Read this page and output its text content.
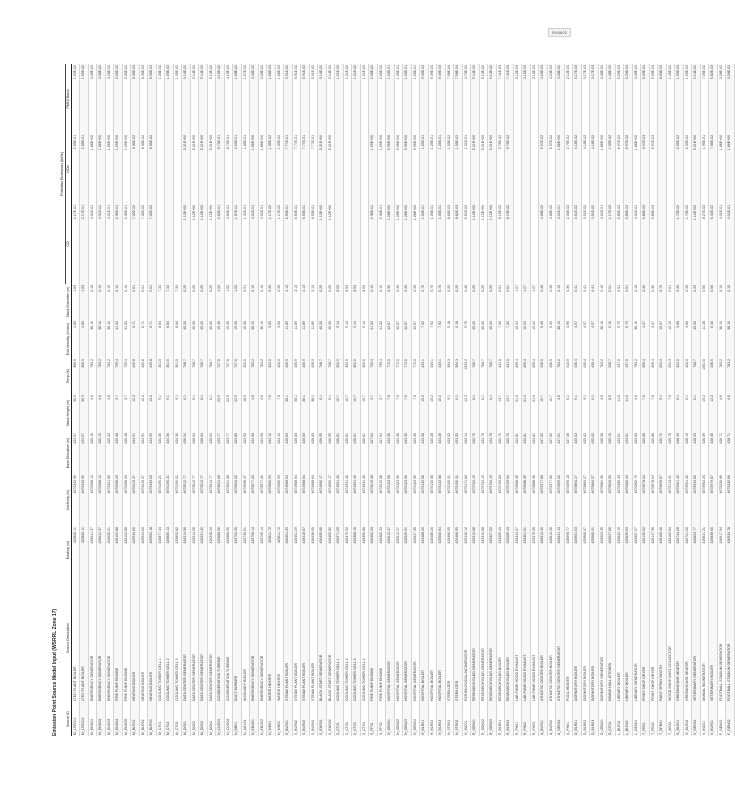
R08802
Emission Point Source Model Input (WSRRL Zone 17)
									Potential Emissions (lb/hr)		
Source ID	Source Description	Easting (m)	Northing (m)	Base Elevation (m)	Stack Height (m)	Temp (K)	Exit Velocity (m/sec)	Stack Diameter (m)	CO	NOx	PM10 Basis
M_LTEC01	LTEC PLANT BOILER	425820.11	4675342.90	424.57	30.5	366.5	4.80	1.83	2.17E-01	2.58E-01	1.92E-02
M_LTEC02	LTEC PLANT BOILER	425820.11	4675342.90	424.57	30.5	366.5	4.80	1.83	2.17E-01	2.58E-01	1.92E-02
M_ENG01	EMERGENCY GENERATOR	426041.37	4675288.12	425.10	4.6	783.2	38.10	0.15	4.01E-01	1.86E+00	3.28E-02
M_ENG02	EMERGENCY GENERATOR	426041.37	4675288.12	425.10	4.6	783.2	38.10	0.15	4.01E-01	1.86E+00	3.28E-02
M_ENG03	EMERGENCY GENERATOR	426058.21	4675301.66	425.22	4.6	783.2	38.10	0.15	4.01E-01	1.86E+00	3.28E-02
M_ENG04	FIRE PUMP ENGINE	426102.88	4675266.43	425.48	3.7	755.4	41.52	0.10	2.36E-01	1.09E+00	2.05E-02
M_ENG05	FIRE PUMP ENGINE	426102.88	4675266.43	425.48	3.7	755.4	41.52	0.10	2.36E-01	1.09E+00	2.05E-02
M_BLR01	HEATING BOILER	425944.60	4675415.37	424.91	12.2	449.8	6.71	0.61	7.02E-02	8.36E-02	6.35E-03
M_BLR02	HEATING BOILER	425944.60	4675415.37	424.91	12.2	449.8	6.71	0.61	7.02E-02	8.36E-02	6.35E-03
M_BLR03	HEATING BOILER	425962.18	4675433.05	424.95	12.2	449.8	6.71	0.61	7.02E-02	8.36E-02	6.35E-03
M_CT01	COOLING TOWER CELL 1	425877.44	4675190.21	424.30	9.1	301.5	8.84	7.32			1.05E-02
M_CT02	COOLING TOWER CELL 2	425885.13	4675190.21	424.30	9.1	301.5	8.84	7.32			1.05E-02
M_CT03	COOLING TOWER CELL 3	425892.82	4675190.21	424.30	9.1	301.5	8.84	7.32			1.05E-02
M_DG01	DATA CENTER GENERATOR	426214.56	4675512.77	426.04	6.1	768.7	45.20	0.25	1.12E+00	5.21E+00	9.14E-02
M_DG02	DATA CENTER GENERATOR	426214.56	4675512.77	426.04	6.1	768.7	45.20	0.25	1.12E+00	5.21E+00	9.14E-02
M_DG03	DATA CENTER GENERATOR	426231.40	4675512.77	426.04	6.1	768.7	45.20	0.25	1.12E+00	5.21E+00	9.14E-02
M_DG04	DATA CENTER GENERATOR	426248.24	4675512.77	426.04	6.1	768.7	45.20	0.25	1.12E+00	5.21E+00	9.14E-02
N_COG01	COGENERATION TURBINE	425688.90	4675621.08	423.77	22.9	727.6	19.45	1.52	3.64E-01	8.73E-01	4.15E-02
N_COG02	COGENERATION TURBINE	425688.90	4675621.08	423.77	22.9	727.6	19.45	1.52	3.64E-01	8.73E-01	4.15E-02
N_DB01	DUCT BURNER	425702.35	4675634.52	423.80	22.9	727.6	19.45	1.52	1.87E-01	2.24E-01	1.68E-02
N_AUX01	AUXILIARY BOILER	425735.61	4675598.47	423.92	18.3	422.0	10.36	0.91	1.41E-01	1.68E-01	1.27E-02
N_ENG01	EMERGENCY GENERATOR	425790.14	4675577.20	424.06	4.6	783.2	38.10	0.15	4.01E-01	1.86E+00	3.28E-02
N_ENG02	EMERGENCY GENERATOR	425790.14	4675577.20	424.06	4.6	783.2	38.10	0.15	4.01E-01	1.86E+00	3.28E-02
N_WH01	WATER HEATER	425811.72	4675560.93	424.12	7.6	422.0	3.05	0.30	1.17E-02	1.39E-02	1.06E-03
N_WH02	WATER HEATER	425811.72	4675560.93	424.12	7.6	422.0	3.05	0.30	1.17E-02	1.39E-02	1.06E-03
S_BLR01	STEAM PLANT BOILER	426401.29	4674988.64	426.83	38.1	435.9	11.89	2.13	6.53E-01	7.77E-01	5.91E-02
S_BLR02	STEAM PLANT BOILER	426401.29	4674988.64	426.83	38.1	435.9	11.89	2.13	6.53E-01	7.77E-01	5.91E-02
S_BLR03	STEAM PLANT BOILER	426418.67	4674988.64	426.83	38.1	435.9	11.89	2.13	6.53E-01	7.77E-01	5.91E-02
S_BLR04	STEAM PLANT BOILER	426436.05	4674988.64	426.83	38.1	435.9	11.89	2.13	6.53E-01	7.77E-01	5.91E-02
S_ENG01	BLACK START GENERATOR	426455.80	4674960.17	426.95	6.1	768.7	45.20	0.25	1.12E+00	5.21E+00	9.14E-02
S_ENG02	BLACK START GENERATOR	426455.80	4674960.17	426.95	6.1	768.7	45.20	0.25	1.12E+00	5.21E+00	9.14E-02
S_CT01	COOLING TOWER CELL 1	426371.09	4674921.40	426.61	10.7	302.0	9.14	8.53			1.21E-02
S_CT02	COOLING TOWER CELL 2	426379.62	4674921.40	426.61	10.7	302.0	9.14	8.53			1.21E-02
S_CT03	COOLING TOWER CELL 3	426388.15	4674921.40	426.61	10.7	302.0	9.14	8.53			1.21E-02
S_CT04	COOLING TOWER CELL 4	426396.68	4674921.40	426.61	10.7	302.0	9.14	8.53			1.21E-02
S_FP01	FIRE PUMP ENGINE	426482.33	4675015.28	427.04	3.7	755.4	41.52	0.10	2.36E-01	1.09E+00	2.05E-02
S_FP02	FIRE PUMP ENGINE	426482.33	4675015.28	427.04	3.7	755.4	41.52	0.10	2.36E-01	1.09E+00	2.05E-02
H_GEN01	HOSPITAL GENERATOR	425512.47	4675103.96	423.35	7.6	772.0	42.67	0.30	1.28E+00	5.96E+00	1.05E-01
H_GEN02	HOSPITAL GENERATOR	425512.47	4675103.96	423.35	7.6	772.0	42.67	0.30	1.28E+00	5.96E+00	1.05E-01
H_GEN03	HOSPITAL GENERATOR	425529.91	4675103.96	423.35	7.6	772.0	42.67	0.30	1.28E+00	5.96E+00	1.05E-01
H_GEN04	HOSPITAL GENERATOR	425547.35	4675103.96	423.35	7.6	772.0	42.67	0.30	1.28E+00	5.96E+00	1.05E-01
H_BLR01	HOSPITAL BOILER	425488.20	4675132.58	423.28	15.2	433.1	7.92	0.76	1.05E-01	1.25E-01	9.49E-03
H_BLR02	HOSPITAL BOILER	425488.20	4675132.58	423.28	15.2	433.1	7.92	0.76	1.05E-01	1.25E-01	9.49E-03
H_BLR03	HOSPITAL BOILER	425505.64	4675132.58	423.28	15.2	433.1	7.92	0.76	1.05E-01	1.25E-01	9.49E-03
H_STR01	STERILIZER	425466.95	4675150.31	423.22	9.1	394.3	5.18	0.20	8.82E-03	1.05E-02	7.98E-04
H_STR02	STERILIZER	425466.95	4675150.31	423.22	9.1	394.3	5.18	0.20	8.82E-03	1.05E-02	7.98E-04
H_INC01	PATHOLOGICAL INCINERATOR	425440.12	4675171.84	423.14	12.2	1033.2	9.75	0.46	5.51E-02	1.31E-01	4.70E-02
R_GEN01	RESEARCH BLDG GENERATOR	425310.68	4675702.19	422.76	6.1	768.7	45.20	0.25	1.12E+00	5.21E+00	9.14E-02
R_GEN02	RESEARCH BLDG GENERATOR	425310.68	4675702.19	422.76	6.1	768.7	45.20	0.25	1.12E+00	5.21E+00	9.14E-02
R_GEN03	RESEARCH BLDG GENERATOR	425327.52	4675702.19	422.76	6.1	768.7	45.20	0.25	1.12E+00	5.21E+00	9.14E-02
R_BLR01	RESEARCH BLDG BOILER	425289.43	4675725.84	422.70	13.7	441.5	7.32	0.61	8.19E-02	9.75E-02	7.41E-03
R_BLR02	RESEARCH BLDG BOILER	425289.43	4675725.84	422.70	13.7	441.5	7.32	0.61	8.19E-02	9.75E-02	7.41E-03
R_FH01	LAB FUME HOOD EXHAUST	425344.07	4675688.35	422.81	21.3	295.4	15.24	1.07			3.12E-03
R_FH02	LAB FUME HOOD EXHAUST	425361.51	4675688.35	422.81	21.3	295.4	15.24	1.07			3.12E-03
R_FH03	LAB FUME HOOD EXHAUST	425378.95	4675688.35	422.81	21.3	295.4	15.24	1.07			3.12E-03
A_BLR01	ATHLETIC CENTER BOILER	426612.40	4675377.66	427.52	10.7	436.5	5.49	0.46	4.68E-02	5.57E-02	4.23E-03
A_BLR02	ATHLETIC CENTER BOILER	426612.40	4675377.66	427.52	10.7	436.5	5.49	0.46	4.68E-02	5.57E-02	4.23E-03
A_GEN01	ATHLETIC CENTER GENERATOR	426641.13	4675359.02	427.61	4.6	783.2	38.10	0.15	4.01E-01	1.86E+00	3.28E-02
A_PH01	POOL HEATER	426598.77	4675395.18	427.48	6.1	410.9	3.96	0.36	2.34E-02	2.79E-02	2.12E-03
D_BLR01	DORMITORY BOILER	425951.03	4675864.27	425.02	9.1	430.4	4.57	0.41	3.51E-02	4.18E-02	3.17E-03
D_BLR02	DORMITORY BOILER	425968.47	4675864.27	425.02	9.1	430.4	4.57	0.41	3.51E-02	4.18E-02	3.17E-03
D_BLR03	DORMITORY BOILER	425985.91	4675864.27	425.02	9.1	430.4	4.57	0.41	3.51E-02	4.18E-02	3.17E-03
D_GEN01	DORMITORY GENERATOR	426003.35	4675881.90	425.08	4.6	783.2	38.10	0.15	4.01E-01	1.86E+00	3.28E-02
D_KIT01	DINING HALL KITCHEN	426027.66	4675843.55	425.15	8.5	338.7	6.10	0.51	1.17E-02	1.39E-02	1.48E-02
L_BLR01	LIBRARY BOILER	425622.19	4675280.43	423.61	11.6	437.6	5.79	0.51	5.85E-02	6.97E-02	5.29E-03
L_BLR02	LIBRARY BOILER	425639.63	4675280.43	423.61	11.6	437.6	5.79	0.51	5.85E-02	6.97E-02	5.29E-03
L_GEN01	LIBRARY GENERATOR	425657.07	4675262.79	423.66	4.6	783.2	38.10	0.15	4.01E-01	1.86E+00	3.28E-02
T_PB01	PRINT SHOP DRYER	426130.52	4675678.04	425.66	7.6	355.4	4.27	0.30	5.85E-03	6.97E-03	5.29E-04
T_PB02	PRINT SHOP DRYER	426147.96	4675678.04	425.66	7.6	355.4	4.27	0.30	5.85E-03	6.97E-03	5.29E-04
T_SPB01	PAINT SPRAY BOOTH	426165.40	4675695.67	425.72	9.1	294.3	10.67	0.76			8.06E-03
T_WS01	WOOD SHOP DUST COLLECTOR	426182.84	4675713.31	425.78	7.6	294.3	12.19	0.61			1.45E-02
G_BLR01	GREENHOUSE HEATER	426744.08	4675901.42	428.19	6.1	422.0	3.66	0.30	1.75E-02	2.09E-02	1.59E-03
G_BLR02	GREENHOUSE HEATER	426761.52	4675901.42	428.19	6.1	422.0	3.66	0.30	1.75E-02	2.09E-02	1.59E-03
V_GEN01	VETERINARY GENERATOR	426803.77	4675944.60	428.33	6.1	768.7	45.20	0.25	1.12E+00	5.21E+00	9.14E-02
V_INC01	ANIMAL INCINERATOR	426821.21	4675962.24	428.39	15.2	1061.0	11.28	0.56	8.27E-02	1.96E-01	7.05E-02
V_BLR01	VETERINARY BOILER	426838.65	4675979.87	428.45	12.2	436.5	6.40	0.56	6.44E-02	7.66E-02	5.82E-03
F_GEN01	FOOTBALL STADIUM GENERATOR	426917.34	4675220.66	428.71	4.6	783.2	38.10	0.15	4.01E-01	1.86E+00	3.28E-02
F_GEN02	FOOTBALL STADIUM GENERATOR	426934.78	4675220.66	428.71	4.6	783.2	38.10	0.15	4.01E-01	1.86E+00	3.28E-02
